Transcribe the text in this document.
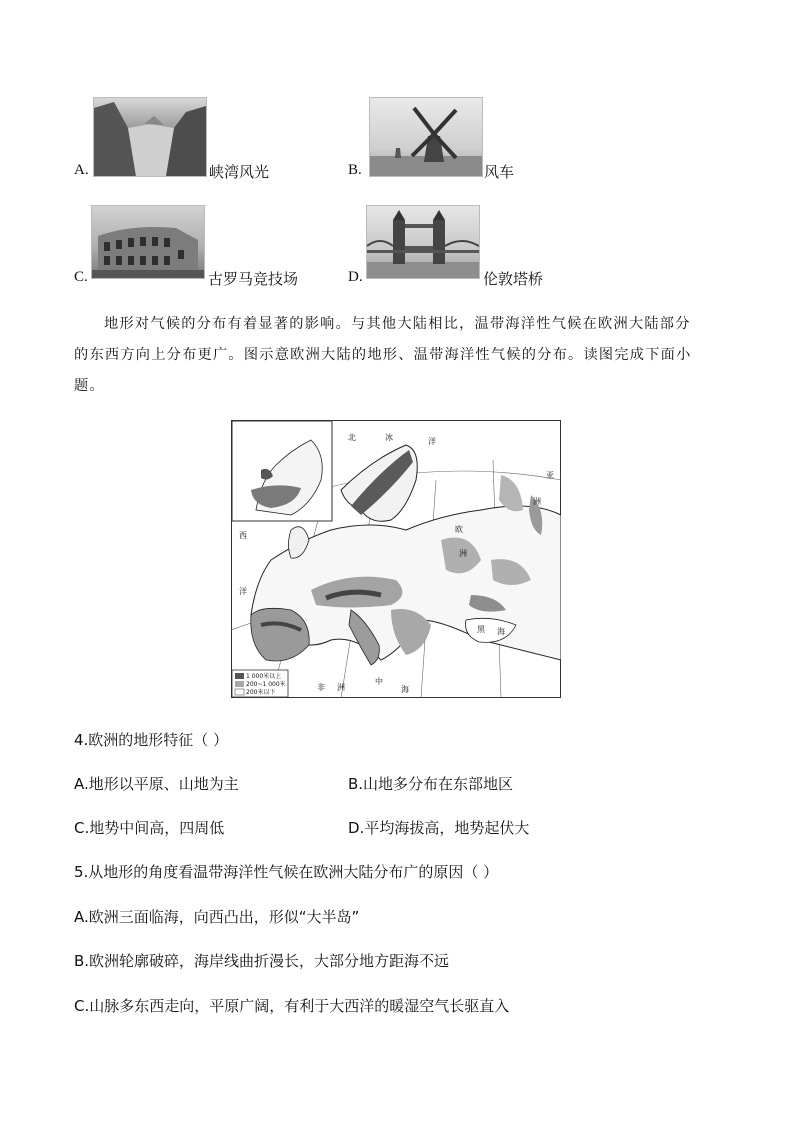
A.	峡湾风光	B.	风车
C.	古罗马竞技场	D.	伦敦塔桥
地形对气候的分布有着显著的影响。与其他大陆相比，温带海洋性气候在欧洲大陆部分
的东西方向上分布更广。图示意欧洲大陆的地形、温带海洋性气候的分布。读图完成下面小
题。
北	冰	洋
亚
洲
西
洋
欧
洲
黑 海
非 洲
中
海
1 000米以上
200~1 000米
200米以下
4.欧洲的地形特征（ ）
A.地形以平原、山地为主	B.山地多分布在东部地区
C.地势中间高，四周低	D.平均海拔高，地势起伏大
5.从地形的角度看温带海洋性气候在欧洲大陆分布广的原因（ ）
A.欧洲三面临海，向西凸出，形似“大半岛”
B.欧洲轮廓破碎，海岸线曲折漫长，大部分地方距海不远
C.山脉多东西走向，平原广阔，有利于大西洋的暖湿空气长驱直入
